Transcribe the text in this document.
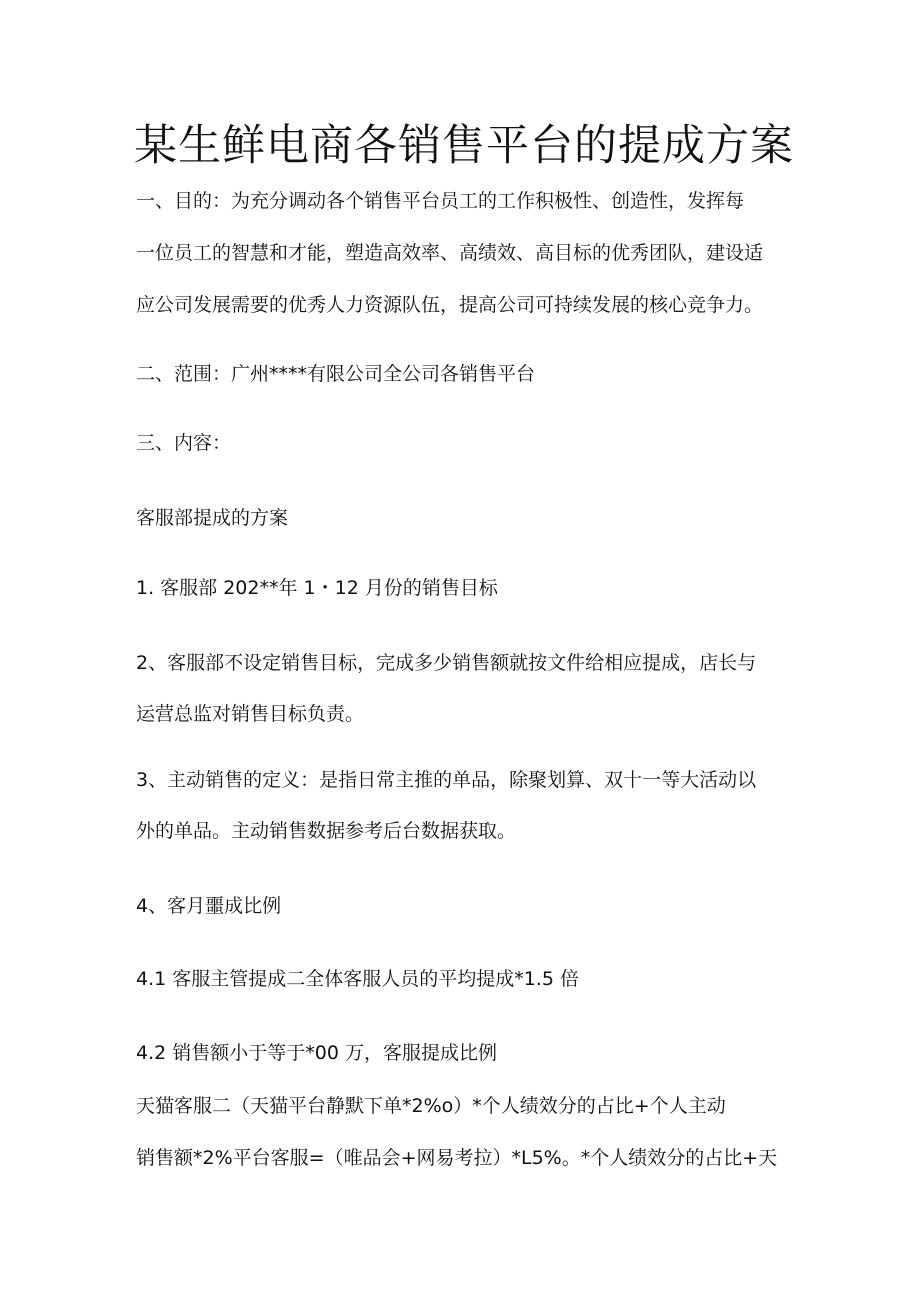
某生鲜电商各销售平台的提成方案

一、目的：为充分调动各个销售平台员工的工作积极性、创造性，发挥每

一位员工的智慧和才能，塑造高效率、高绩效、高目标的优秀团队，建设适

应公司发展需要的优秀人力资源队伍，提高公司可持续发展的核心竞争力。

二、范围：广州****有限公司全公司各销售平台

三、内容：

客服部提成的方案

1. 客服部 202**年 1・12 月份的销售目标

2、客服部不设定销售目标，完成多少销售额就按文件给相应提成，店长与

运营总监对销售目标负责。

3、主动销售的定义：是指日常主推的单品，除聚划算、双十一等大活动以

外的单品。主动销售数据参考后台数据获取。

4、客月噩成比例

4.1 客服主管提成二全体客服人员的平均提成*1.5 倍

4.2 销售额小于等于*00 万，客服提成比例

天猫客服二（天猫平台静默下单*2%o）*个人绩效分的占比+个人主动

销售额*2%平台客服=（唯品会+网易考拉）*L5%。*个人绩效分的占比+天
